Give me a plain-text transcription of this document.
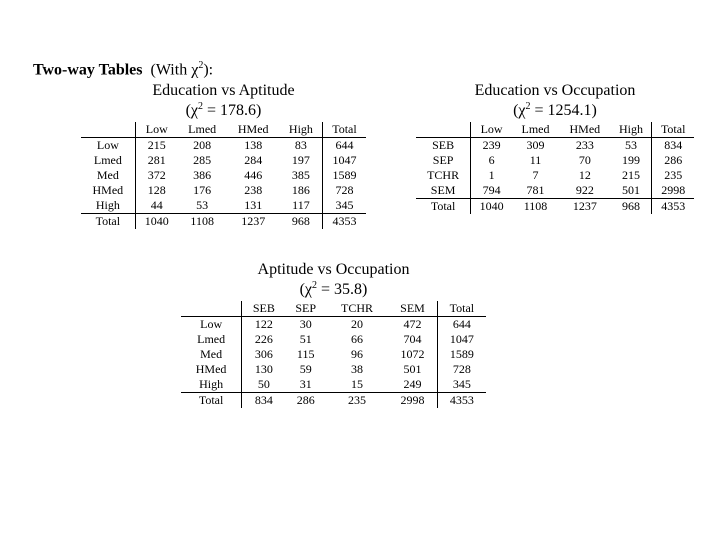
Two-way Tables (With $\chi^2$):
Education vs Aptitude
$(\chi^2 = 178.6)$
	Low	Lmed	HMed	High	Total
Low	215	208	138	83	644
Lmed	281	285	284	197	1047
Med	372	386	446	385	1589
HMed	128	176	238	186	728
High	44	53	131	117	345
Total	1040	1108	1237	968	4353
Education vs Occupation
$(\chi^2 = 1254.1)$
	Low	Lmed	HMed	High	Total
SEB	239	309	233	53	834
SEP	6	11	70	199	286
TCHR	1	7	12	215	235
SEM	794	781	922	501	2998
Total	1040	1108	1237	968	4353
Aptitude vs Occupation
$(\chi^2 = 35.8)$
	SEB	SEP	TCHR	SEM	Total
Low	122	30	20	472	644
Lmed	226	51	66	704	1047
Med	306	115	96	1072	1589
HMed	130	59	38	501	728
High	50	31	15	249	345
Total	834	286	235	2998	4353
